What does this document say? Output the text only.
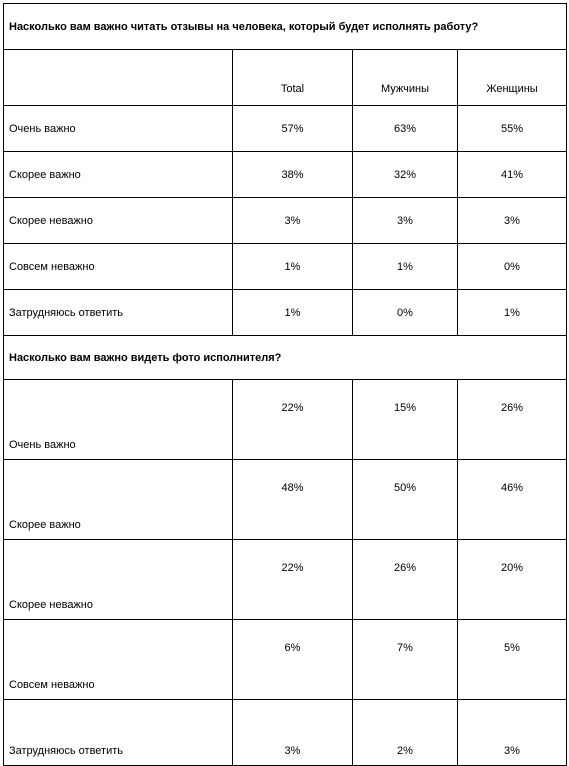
Насколько вам важно читать отзывы на человека, который будет исполнять работу?			
	Total	Мужчины	Женщины
Очень важно	57%	63%	55%
Скорее важно	38%	32%	41%
Скорее неважно	3%	3%	3%
Совсем неважно	1%	1%	0%
Затрудняюсь ответить	1%	0%	1%
Насколько вам важно видеть фото исполнителя?			
Очень важно	22%	15%	26%
Скорее важно	48%	50%	46%
Скорее неважно	22%	26%	20%
Совсем неважно	6%	7%	5%
Затрудняюсь ответить	3%	2%	3%
